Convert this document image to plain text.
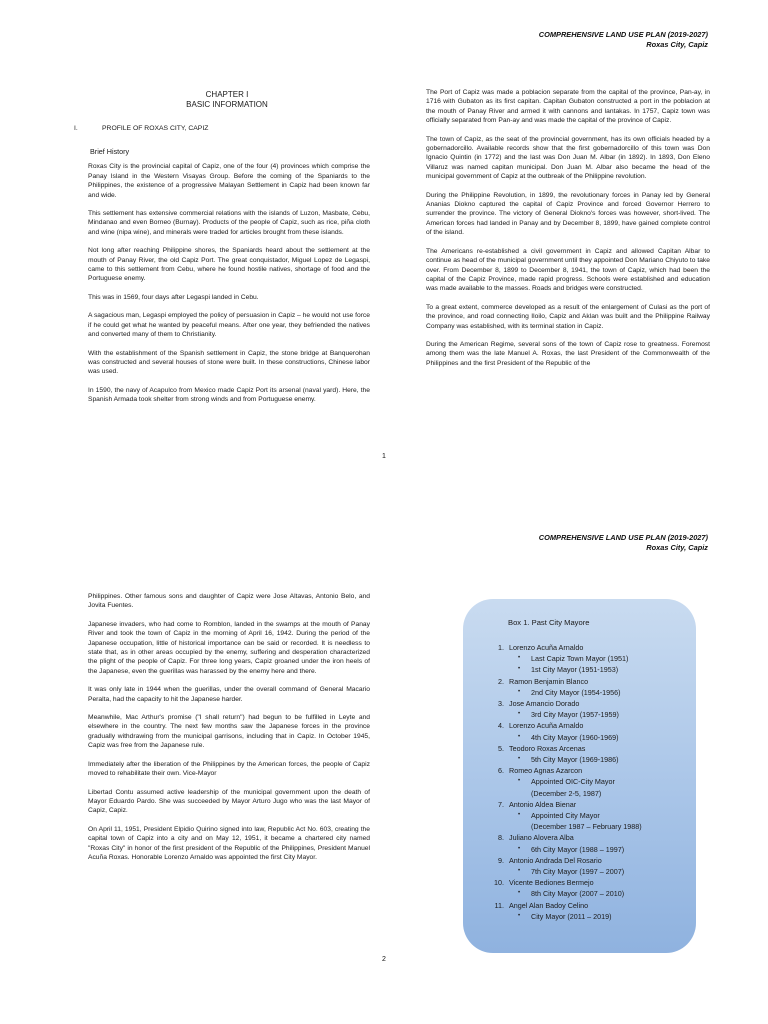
COMPREHENSIVE LAND USE PLAN (2019-2027)
Roxas City, Capiz
CHAPTER I
BASIC INFORMATION
I.	PROFILE OF ROXAS CITY, CAPIZ
Brief History

Roxas City is the provincial capital of Capiz, one of the four (4) provinces which comprise the Panay Island in the Western Visayas Group. Before the coming of the Spaniards to the Philippines, the existence of a progressive Malayan Settlement in Capiz had been known far and wide.

This settlement has extensive commercial relations with the islands of Luzon, Masbate, Cebu, Mindanao and even Borneo (Burnay). Products of the people of Capiz, such as rice, piña cloth and wine (nipa wine), and minerals were traded for articles brought from these islands.

Not long after reaching Philippine shores, the Spaniards heard about the settlement at the mouth of Panay River, the old Capiz Port. The great conquistador, Miguel Lopez de Legaspi, came to this settlement from Cebu, where he found hostile natives, shortage of food and the Portuguese enemy.

This was in 1569, four days after Legaspi landed in Cebu.

A sagacious man, Legaspi employed the policy of persuasion in Capiz – he would not use force if he could get what he wanted by peaceful means. After one year, they befriended the natives and converted many of them to Christianity.

With the establishment of the Spanish settlement in Capiz, the stone bridge at Banquerohan was constructed and several houses of stone were built. In these constructions, Chinese labor was used.

In 1590, the navy of Acapulco from Mexico made Capiz Port its arsenal (naval yard). Here, the Spanish Armada took shelter from strong winds and from Portuguese enemy.

The Port of Capiz was made a poblacion separate from the capital of the province, Pan-ay, in 1716 with Gubaton as its first capitan. Capitan Gubaton constructed a port in the poblacion at the mouth of Panay River and armed it with cannons and lantakas. In 1757, Capiz town was officially separated from Pan-ay and was made the capital of the province of Capiz.

The town of Capiz, as the seat of the provincial government, has its own officials headed by a gobernadorcillo. Available records show that the first gobernadorcillo of this town was Don Ignacio Quintin (in 1772) and the last was Don Juan M. Albar (in 1892). In 1893, Don Eleno Villaruz was named capitan municipal. Don Juan M. Albar also became the head of the municipal government of Capiz at the outbreak of the Philippine revolution.

During the Philippine Revolution, in 1899, the revolutionary forces in Panay led by General Ananias Diokno captured the capital of Capiz Province and forced Governor Herrero to surrender the province. The victory of General Diokno's forces was however, short-lived. The American forces had landed in Panay and by December 8, 1899, have gained complete control of the island.

The Americans re-established a civil government in Capiz and allowed Capitan Albar to continue as head of the municipal government until they appointed Don Mariano Chiyuto to take over. From December 8, 1899 to December 8, 1941, the town of Capiz, which had been the capital of the Capiz Province, made rapid progress. Schools were established and education was made available to the masses. Roads and bridges were constructed.

To a great extent, commerce developed as a result of the enlargement of Culasi as the port of the province, and road connecting Iloilo, Capiz and Aklan was built and the Philippine Railway Company was established, with its terminal station in Capiz.

During the American Regime, several sons of the town of Capiz rose to greatness. Foremost among them was the late Manuel A. Roxas, the last President of the Commonwealth of the Philippines and the first President of the Republic of the

1
COMPREHENSIVE LAND USE PLAN (2019-2027)
Roxas City, Capiz

Philippines. Other famous sons and daughter of Capiz were Jose Altavas, Antonio Belo, and Jovita Fuentes.

Japanese invaders, who had come to Romblon, landed in the swamps at the mouth of Panay River and took the town of Capiz in the morning of April 16, 1942. During the period of the Japanese occupation, little of historical importance can be said or recorded. It is needless to state that, as in other areas occupied by the enemy, suffering and desperation characterized the plight of the people of Capiz. For three long years, Capiz groaned under the iron heels of the Japanese, even the guerillas was harassed by the enemy here and there.

It was only late in 1944 when the guerillas, under the overall command of General Macario Peralta, had the capacity to hit the Japanese harder.

Meanwhile, Mac Arthur's promise ("I shall return") had begun to be fulfilled in Leyte and elsewhere in the country. The next few months saw the Japanese forces in the province gradually withdrawing from the municipal garrisons, including that in Capiz. In October 1945, Capiz was free from the Japanese rule.

Immediately after the liberation of the Philippines by the American forces, the people of Capiz moved to rehabilitate their own. Vice-Mayor

Libertad Contu assumed active leadership of the municipal government upon the death of Mayor Eduardo Pardo. She was succeeded by Mayor Arturo Jugo who was the last Mayor of Capiz, Capiz.

On April 11, 1951, President Elpidio Quirino signed into law, Republic Act No. 603, creating the capital town of Capiz into a city and on May 12, 1951, it became a chartered city named "Roxas City" in honor of the first president of the Republic of the Philippines, President Manuel Acuña Roxas. Honorable Lorenzo Arnaldo was appointed the first City Mayor.

Box 1. Past City Mayore
1. Lorenzo Acuña Arnaldo
•	Last Capiz Town Mayor (1951)
•	1st City Mayor (1951-1953)
2. Ramon Benjamin Blanco
•	2nd City Mayor (1954-1956)
3. Jose Amancio Dorado
•	3rd City Mayor (1957-1959)
4. Lorenzo Acuña Arnaldo
•	4th City Mayor (1960-1969)
5. Teodoro Roxas Arcenas
•	5th City Mayor (1969-1986)
6. Romeo Agnas Azarcon
•	Appointed OIC-City Mayor
(December 2-5, 1987)
7. Antonio Aldea Bienar
•	Appointed City Mayor
(December 1987 – February 1988)
8. Juliano Alovera Alba
•	6th City Mayor (1988 – 1997)
9. Antonio Andrada Del Rosario
•	7th City Mayor (1997 – 2007)
10. Vicente Bediones Bermejo
•	8th City Mayor (2007 – 2010)
11. Angel Alan Badoy Celino
•	City Mayor (2011 – 2019)
2
